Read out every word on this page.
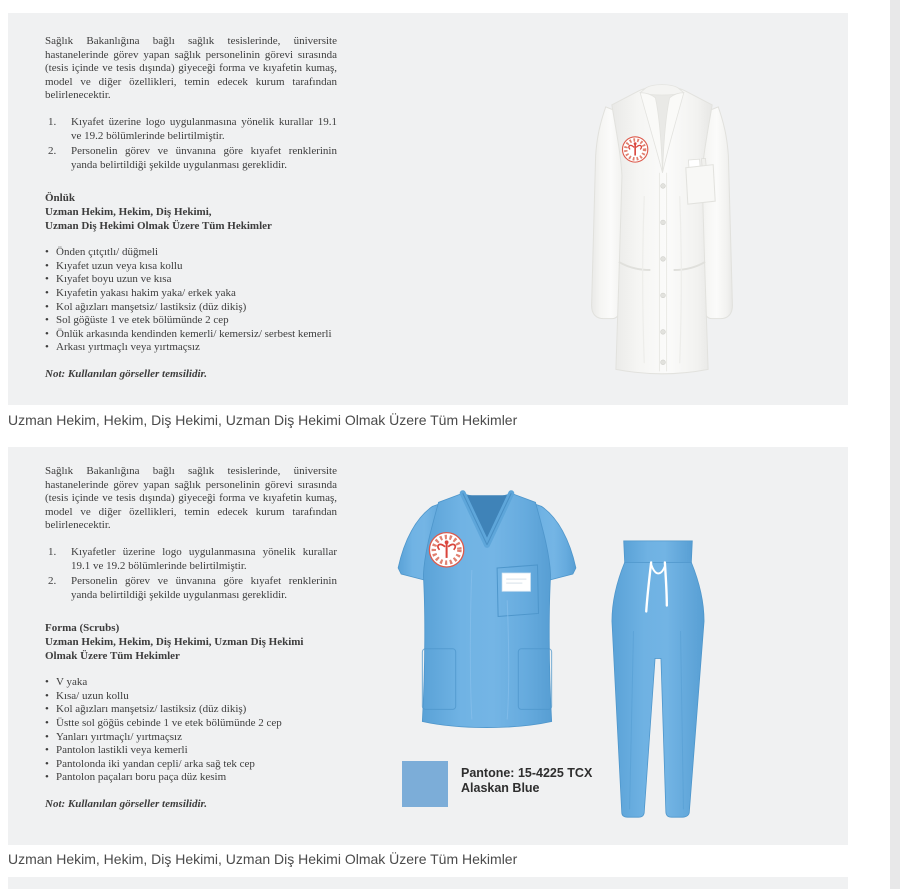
Sağlık Bakanlığına bağlı sağlık tesislerinde, üniversite hastanelerinde görev yapan sağlık personelinin görevi sırasında (tesis içinde ve tesis dışında) giyeceği forma ve kıyafetin kumaş, model ve diğer özellikleri, temin edecek kurum tarafından belirlenecektir.

Kıyafet üzerine logo uygulanmasına yönelik kurallar 19.1 ve 19.2 bölümlerinde belirtilmiştir.
Personelin görev ve ünvanına göre kıyafet renklerinin yanda belirtildiği şekilde uygulanması gereklidir.

Önlük

Uzman Hekim, Hekim, Diş Hekimi,

Uzman Diş Hekimi Olmak Üzere Tüm Hekimler

• Önden çıtçıtlı/ düğmeli
• Kıyafet uzun veya kısa kollu
• Kıyafet boyu uzun ve kısa
• Kıyafetin yakası hakim yaka/ erkek yaka
• Kol ağızları manşetsiz/ lastiksiz (düz dikiş)
• Sol göğüste 1 ve etek bölümünde 2 cep
• Önlük arkasında kendinden kemerli/ kemersiz/ serbest kemerli
• Arkası yırtmaçlı veya yırtmaçsız

Not: Kullanılan görseller temsilidir.

Uzman Hekim, Hekim, Diş Hekimi, Uzman Diş Hekimi Olmak Üzere Tüm Hekimler

Sağlık Bakanlığına bağlı sağlık tesislerinde, üniversite hastanelerinde görev yapan sağlık personelinin görevi sırasında (tesis içinde ve tesis dışında) giyeceği forma ve kıyafetin kumaş, model ve diğer özellikleri, temin edecek kurum tarafından belirlenecektir.

Kıyafetler üzerine logo uygulanmasına yönelik kurallar 19.1 ve 19.2 bölümlerinde belirtilmiştir.
Personelin görev ve ünvanına göre kıyafet renklerinin yanda belirtildiği şekilde uygulanması gereklidir.

Forma (Scrubs)

Uzman Hekim, Hekim, Diş Hekimi, Uzman Diş Hekimi

Olmak Üzere Tüm Hekimler

• V yaka
• Kısa/ uzun kollu
• Kol ağızları manşetsiz/ lastiksiz (düz dikiş)
• Üstte sol göğüs cebinde 1 ve etek bölümünde 2 cep
• Yanları yırtmaçlı/ yırtmaçsız
• Pantolon lastikli veya kemerli
• Pantolonda iki yandan cepli/ arka sağ tek cep
• Pantolon paçaları boru paça düz kesim

Not: Kullanılan görseller temsilidir.

Pantone: 15-4225 TCX
Alaskan Blue
Uzman Hekim, Hekim, Diş Hekimi, Uzman Diş Hekimi Olmak Üzere Tüm Hekimler
